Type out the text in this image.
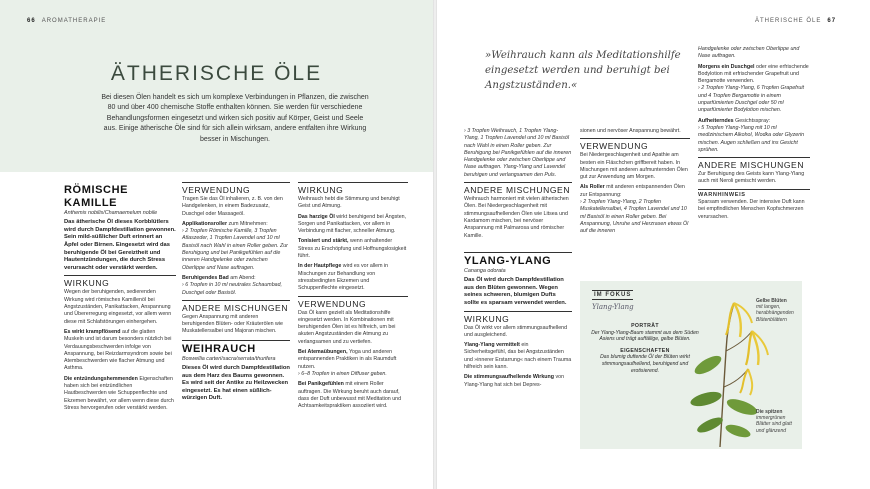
66 AROMATHERAPIE
ÄTHERISCHE ÖLE

Bei diesen Ölen handelt es sich um komplexe Verbindungen in Pflanzen, die zwischen 80 und über 400 chemische Stoffe enthalten können. Sie werden für verschiedene Behandlungsformen eingesetzt und wirken sich positiv auf Körper, Geist und Seele aus. Einige ätherische Öle sind für sich allein wirksam, andere entfalten ihre Wirkung besser in Mischungen.

RÖMISCHE KAMILLE
Anthemis nobilis/Chamaemelum nobile
Das ätherische Öl dieses Korbblütlers wird durch Dampfdestillation gewonnen. Sein mild-süßlicher Duft erinnert an Äpfel oder Birnen. Eingesetzt wird das beruhigende Öl bei Gereiztheit und Hautentzündungen, die durch Stress verursacht oder verstärkt werden.
WIRKUNG
Wegen der beruhigenden, sedierenden Wirkung wird römisches Kamillenöl bei Angstzuständen, Panikattacken, Anspannung und Übererregung eingesetzt, vor allem wenn diese mit Schlafstörungen einhergehen.
Es wirkt krampflösend auf die glatten Muskeln und ist darum besonders nützlich bei Verdauungsbeschwerden infolge von Anspannung, bei Reizdarmsyndrom sowie bei Atembeschwerden wie flacher Atmung und Asthma.
Die entzündungshemmenden Eigenschaften haben sich bei entzündlichen Hautbeschwerden wie Schuppenflechte und Ekzemen bewährt, vor allem wenn diese durch Stress hervorgerufen oder verstärkt werden.
VERWENDUNG
Tragen Sie das Öl inhalieren, z. B. von den Handgelenken, in einem Badezusatz, Duschgel oder Massageöl.
Applikationsroller zum Mitnehmen:
› 2 Tropfen Römische Kamille, 3 Tropfen Atlaszeder, 1 Tropfen Lavendel und 10 ml Basisöl nach Wahl in einen Roller geben. Zur Beruhigung und bei Panikgefühlen auf die inneren Handgelenke oder zwischen Oberlippe und Nase auftragen.
Beruhigendes Bad am Abend:
› 6 Tropfen in 10 ml neutrales Schaumbad, Duschgel oder Basisöl.
ANDERE MISCHUNGEN
Gegen Anspannung mit anderen beruhigenden Blüten- oder Kräuterölen wie Muskatellersalbei und Majoran mischen.
WEIHRAUCH
Boswellia carteri/sacra/serrata/thurifera
Dieses Öl wird durch Dampfdestillation aus dem Harz des Baums gewonnen. Es wird seit der Antike zu Heilzwecken eingesetzt. Es hat einen süßlich-würzigen Duft.
WIRKUNG
Weihrauch hebt die Stimmung und beruhigt Geist und Atmung.
Das harzige Öl wirkt beruhigend bei Ängsten, Sorgen und Panikattacken, vor allem in Verbindung mit flacher, schneller Atmung.
Tonisiert und stärkt, wenn anhaltender Stress zu Erschöpfung und Hoffnungslosigkeit führt.
In der Hautpflege wird es vor allem in Mischungen zur Behandlung von stressbedingten Ekzemen und Schuppenflechte eingesetzt.
VERWENDUNG
Das Öl kann gezielt als Meditationshilfe eingesetzt werden. In Kombinationen mit beruhigenden Ölen ist es hilfreich, um bei akuten Angstzuständen die Atmung zu verlangsamen und zu vertiefen.
Bei Atemaübungen, Yoga und anderen entspannenden Praktiken in als Raumduft nutzen.
› 6–8 Tropfen in einen Diffuser geben.
Bei Panikgefühlen mit einem Roller auftragen. Die Wirkung beruht auch darauf, dass der Duft unbewusst mit Meditation und Achtsamkeitspraktiken assoziiert wird.
ÄTHERISCHE ÖLE 67
»Weihrauch kann als Meditationshilfe eingesetzt werden und beruhigt bei Angstzuständen.«
› 3 Tropfen Weihrauch, 1 Tropfen Ylang-Ylang, 1 Tropfen Lavendel und 10 ml Basisöl nach Wahl in einen Roller geben. Zur Beruhigung bei Panikgefühlen auf die inneren Handgelenke oder zwischen Oberlippe und Nase auftragen. Ylang-Ylang und Lavendel beruhigen und verlangsamen den Puls.
ANDERE MISCHUNGEN
Weihrauch harmoniert mit vielen ätherischen Ölen. Bei Niedergeschlagenheit mit stimmungsaufhellenden Ölen wie Litsea und Kardamom mischen, bei nervöser Anspannung mit Palmarosa und römischer Kamille.
YLANG-YLANG
Cananga odorata
Das Öl wird durch Dampfdestillation aus den Blüten gewonnen. Wegen seines schweren, blumigen Dufts sollte es sparsam verwendet werden.
WIRKUNG
Das Öl wirkt vor allem stimmungsaufhellend und ausgleichend.
Ylang-Ylang vermittelt ein Sicherheitsgefühl, das bei Angstzuständen und »innerer Erstarrung« nach einem Trauma hilfreich sein kann.
Die stimmungsaufhellende Wirkung von Ylang-Ylang hat sich bei Depres-
sionen und nervöser Anspannung bewährt.
VERWENDUNG
Bei Niedergeschlagenheit und Apathie am besten ein Fläschchen griffbereit haben. In Mischungen mit anderen aufmunternden Ölen gut zur Anwendung am Morgen.
Als Roller mit anderen entspannenden Ölen zur Entspannung:
› 2 Tropfen Ylang-Ylang, 2 Tropfen Muskatellersalbei, 4 Tropfen Lavendel und 10 ml Basisöl in einen Roller geben. Bei Anspannung, Unruhe und Herzrasen etwas Öl auf die inneren
Handgelenke oder zwischen Oberlippe und Nase auftragen.
Morgens ein Duschgel oder eine erfrischende Bodylotion mit erfrischender Grapefruit und Bergamotte verwenden.
› 2 Tropfen Ylang-Ylang, 6 Tropfen Grapefruit und 4 Tropfen Bergamotte in einem unparfümierten Duschgel oder 50 ml unparfümierter Bodylotion mischen.
Aufheiterndes Gesichtsspray:
› 5 Tropfen Ylang-Ylang mit 10 ml medizinischem Alkohol, Wodka oder Glyzerin mischen. Augen schließen und ins Gesicht sprühen.
ANDERE MISCHUNGEN
Zur Beruhigung des Geists kann Ylang-Ylang auch mit Neroli gemischt werden.
WARNHINWEIS
Sparsam verwenden. Der intensive Duft kann bei empfindlichen Menschen Kopfschmerzen verursachen.
IM FOKUS
Ylang-Ylang
PORTRÄT
Der Ylang-Ylang-Baum stammt aus dem Süden Asiens und trägt auffällige, gelbe Blüten.
EIGENSCHAFTEN
Das blumig duftende Öl der Blüten wirkt stimmungsaufhellend, beruhigend und erotisierend.
Gelbe Blüten
mit langen, herabhängenden Blütenblättern
Die spitzen immergrünen Blätter sind glatt und glänzend
